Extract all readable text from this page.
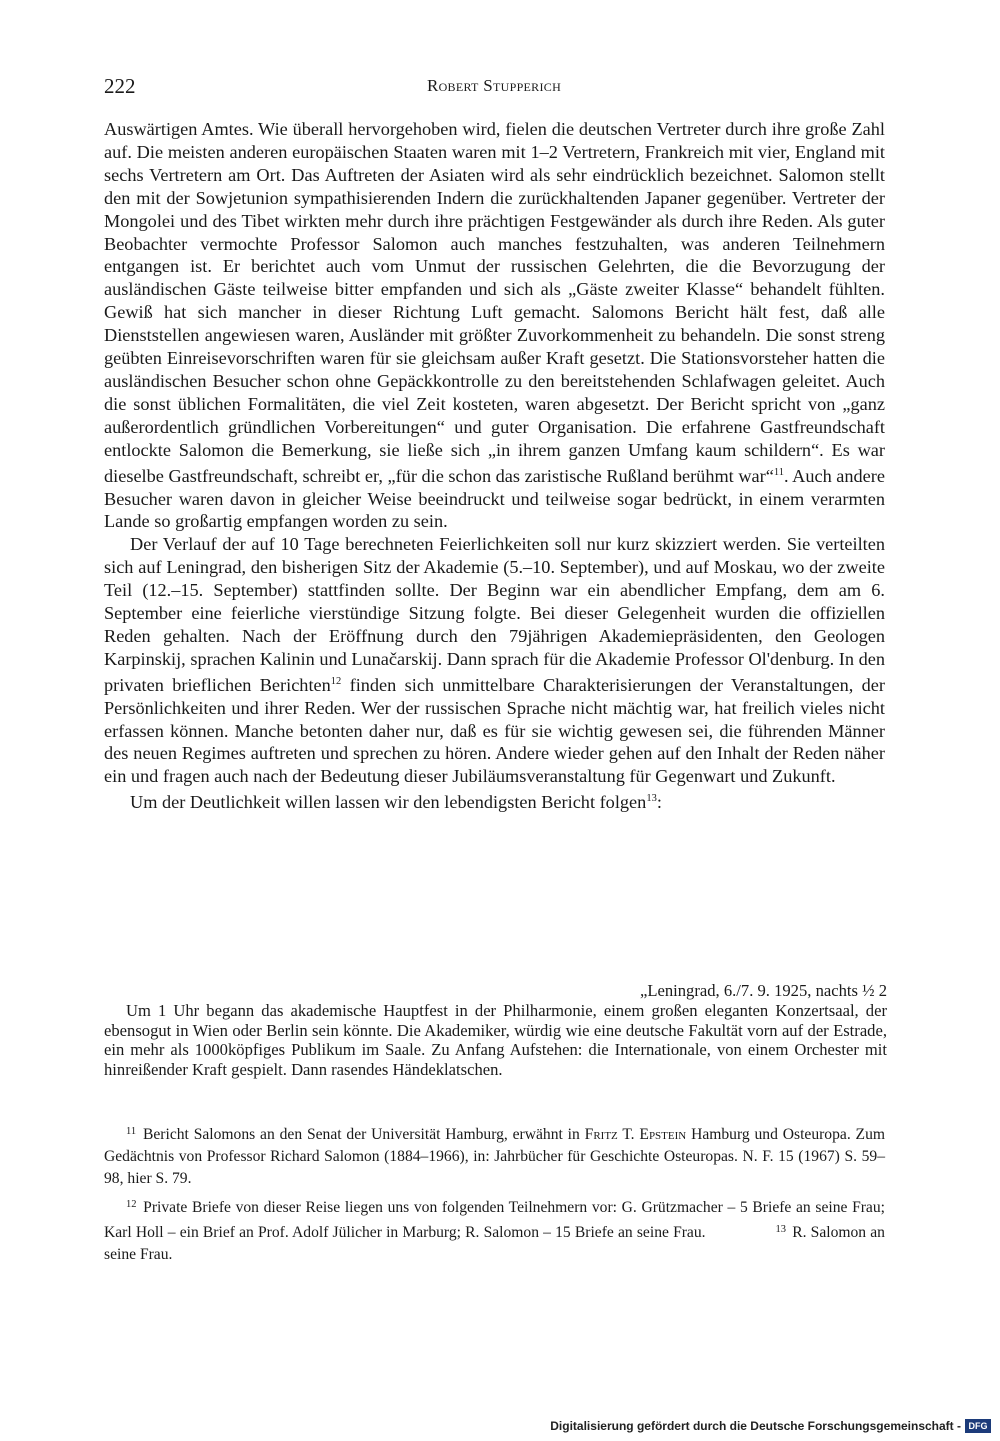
222	Robert Stupperich

Auswärtigen Amtes. Wie überall hervorgehoben wird, fielen die deutschen Vertreter durch ihre große Zahl auf. Die meisten anderen europäischen Staaten waren mit 1–2 Vertretern, Frankreich mit vier, England mit sechs Vertretern am Ort. Das Auftreten der Asiaten wird als sehr eindrücklich bezeichnet. Salomon stellt den mit der Sowjetunion sympathisierenden Indern die zurückhaltenden Japaner gegenüber. Vertreter der Mongolei und des Tibet wirkten mehr durch ihre prächtigen Festgewänder als durch ihre Reden. Als guter Beobachter vermochte Professor Salomon auch manches festzuhalten, was anderen Teilnehmern entgangen ist. Er berichtet auch vom Unmut der russischen Gelehrten, die die Bevorzugung der ausländischen Gäste teilweise bitter empfanden und sich als „Gäste zweiter Klasse“ behandelt fühlten. Gewiß hat sich mancher in dieser Richtung Luft gemacht. Salomons Bericht hält fest, daß alle Dienststellen angewiesen waren, Ausländer mit größter Zuvorkommenheit zu behandeln. Die sonst streng geübten Einreisevorschriften waren für sie gleichsam außer Kraft gesetzt. Die Stationsvorsteher hatten die ausländischen Besucher schon ohne Gepäckkontrolle zu den bereitstehenden Schlafwagen geleitet. Auch die sonst üblichen Formalitäten, die viel Zeit kosteten, waren abgesetzt. Der Bericht spricht von „ganz außerordentlich gründlichen Vorbereitungen“ und guter Organisation. Die erfahrene Gastfreundschaft entlockte Salomon die Bemerkung, sie ließe sich „in ihrem ganzen Umfang kaum schildern“. Es war dieselbe Gastfreundschaft, schreibt er, „für die schon das zaristische Rußland berühmt war“$^{11}$. Auch andere Besucher waren davon in gleicher Weise beeindruckt und teilweise sogar bedrückt, in einem verarmten Lande so großartig empfangen worden zu sein.

Der Verlauf der auf 10 Tage berechneten Feierlichkeiten soll nur kurz skizziert werden. Sie verteilten sich auf Leningrad, den bisherigen Sitz der Akademie (5.–10. September), und auf Moskau, wo der zweite Teil (12.–15. September) stattfinden sollte. Der Beginn war ein abendlicher Empfang, dem am 6. September eine feierliche vierstündige Sitzung folgte. Bei dieser Gelegenheit wurden die offiziellen Reden gehalten. Nach der Eröffnung durch den 79jährigen Akademiepräsidenten, den Geologen Karpinskij, sprachen Kalinin und Lunačarskij. Dann sprach für die Akademie Professor Ol'denburg. In den privaten brieflichen Berichten$^{12}$ finden sich unmittelbare Charakterisierungen der Veranstaltungen, der Persönlichkeiten und ihrer Reden. Wer der russischen Sprache nicht mächtig war, hat freilich vieles nicht erfassen können. Manche betonten daher nur, daß es für sie wichtig gewesen sei, die führenden Männer des neuen Regimes auftreten und sprechen zu hören. Andere wieder gehen auf den Inhalt der Reden näher ein und fragen auch nach der Bedeutung dieser Jubiläumsveranstaltung für Gegenwart und Zukunft.

Um der Deutlichkeit willen lassen wir den lebendigsten Bericht folgen$^{13}$:

„Leningrad, 6./7. 9. 1925, nachts ½ 2

Um 1 Uhr begann das akademische Hauptfest in der Philharmonie, einem großen eleganten Konzertsaal, der ebensogut in Wien oder Berlin sein könnte. Die Akademiker, würdig wie eine deutsche Fakultät vorn auf der Estrade, ein mehr als 1000köpfiges Publikum im Saale. Zu Anfang Aufstehen: die Internationale, von einem Orchester mit hinreißender Kraft gespielt. Dann rasendes Händeklatschen.

$^{11}$ Bericht Salomons an den Senat der Universität Hamburg, erwähnt in Fritz T. Epstein Hamburg und Osteuropa. Zum Gedächtnis von Professor Richard Salomon (1884–1966), in: Jahrbücher für Geschichte Osteuropas. N. F. 15 (1967) S. 59–98, hier S. 79.

$^{12}$ Private Briefe von dieser Reise liegen uns von folgenden Teilnehmern vor: G. Grützmacher – 5 Briefe an seine Frau; Karl Holl – ein Brief an Prof. Adolf Jülicher in Marburg; R. Salomon – 15 Briefe an seine Frau.	$^{13}$ R. Salomon an seine Frau.

Digitalisierung gefördert durch die Deutsche Forschungsgemeinschaft - DFG
